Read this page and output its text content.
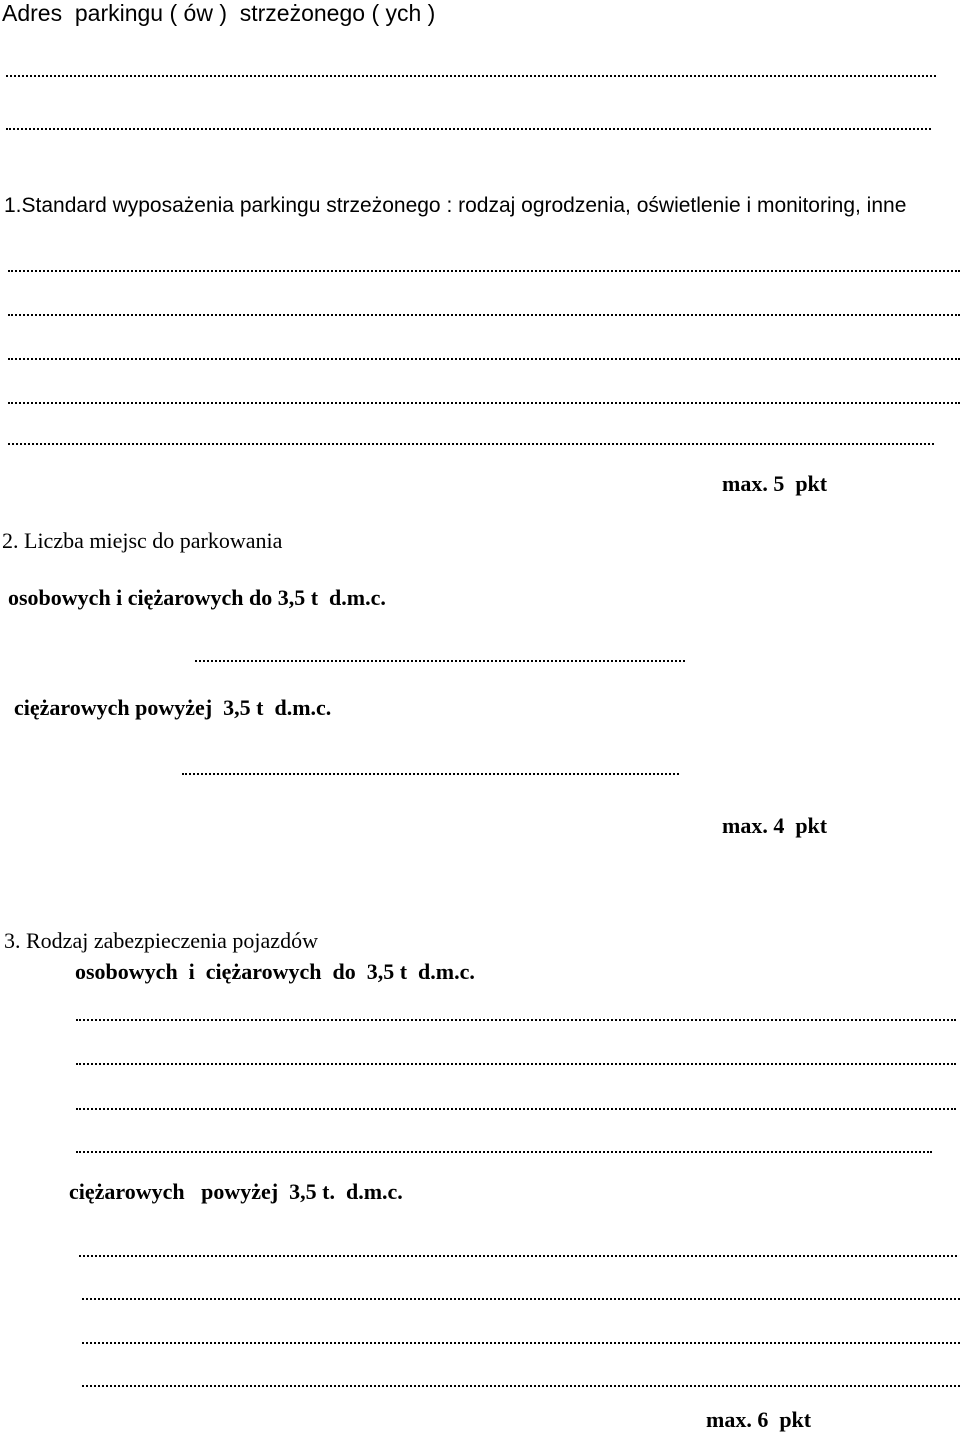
Adres  parkingu ( ów )  strzeżonego ( ych )
1.Standard wyposażenia parkingu strzeżonego : rodzaj ogrodzenia, oświetlenie i monitoring, inne
max. 5  pkt
2. Liczba miejsc do parkowania
osobowych i ciężarowych do 3,5 t  d.m.c.
ciężarowych powyżej  3,5 t  d.m.c.
max. 4  pkt
3. Rodzaj zabezpieczenia pojazdów
osobowych  i  ciężarowych  do  3,5 t  d.m.c.
ciężarowych   powyżej  3,5 t.  d.m.c.
max. 6  pkt
